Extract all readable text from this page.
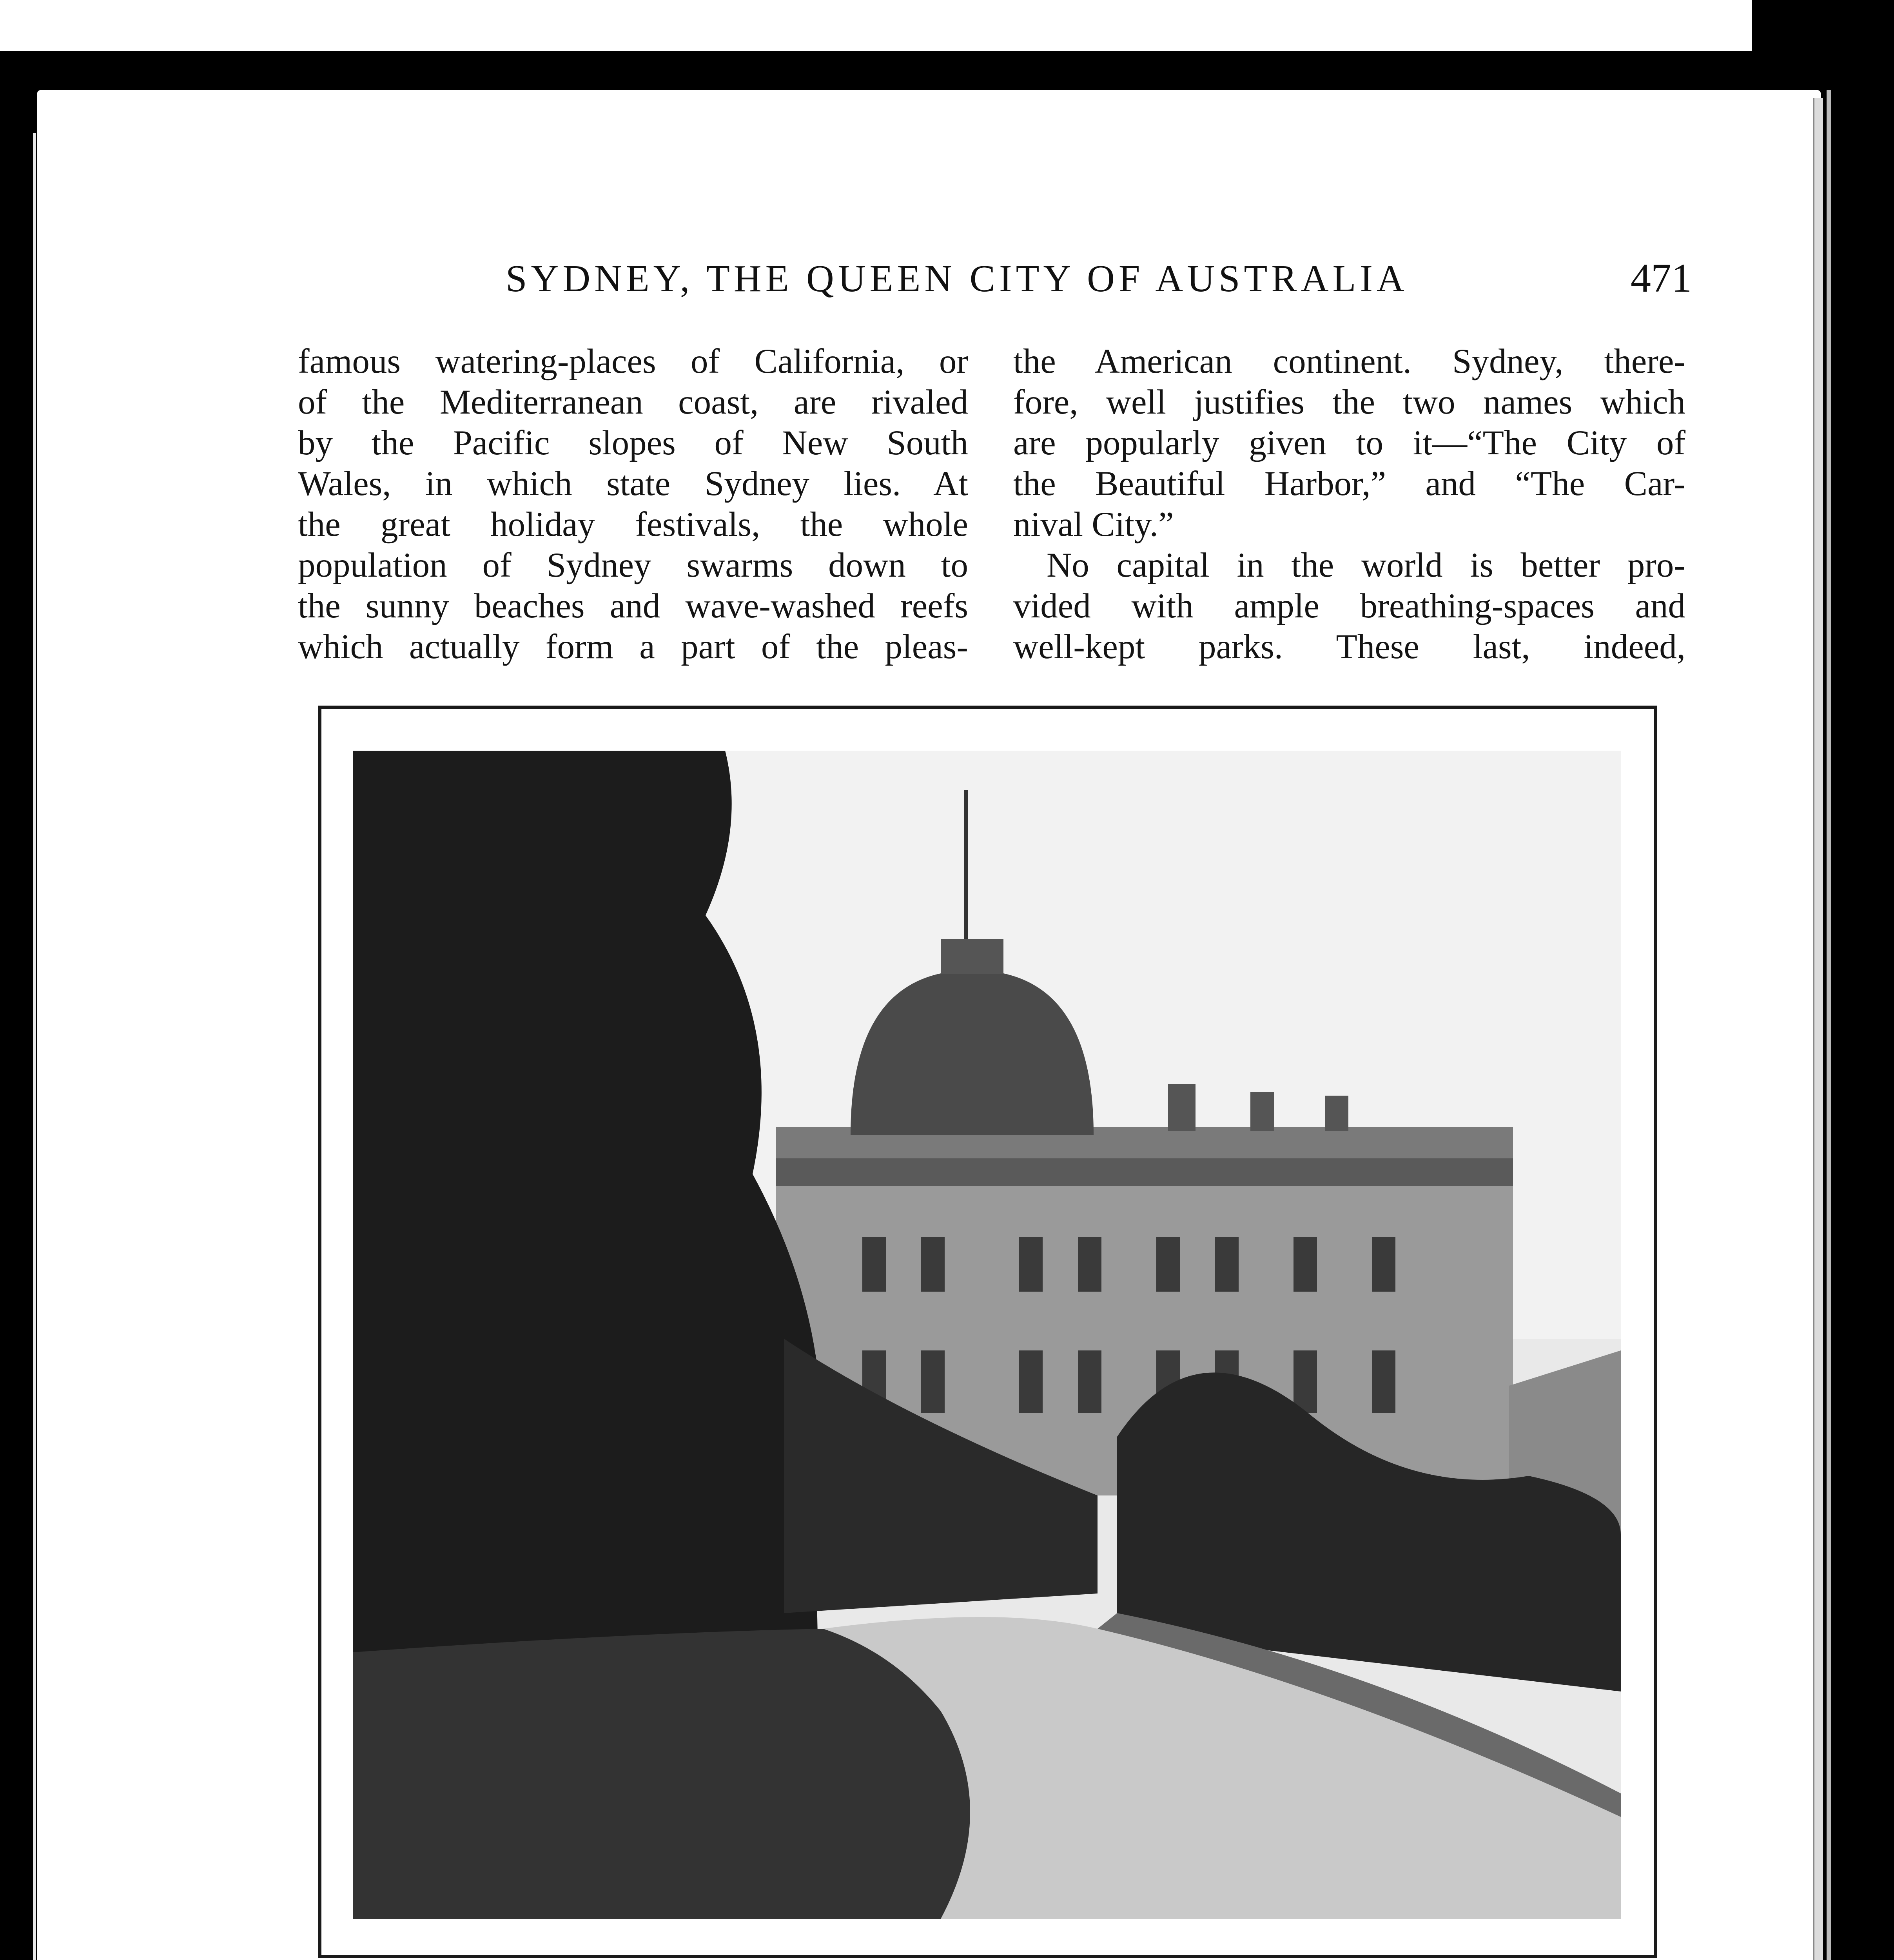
SYDNEY, THE QUEEN CITY OF AUSTRALIA	471
famous watering-places of California, or
of the Mediterranean coast, are rivaled
by the Pacific slopes of New South
Wales, in which state Sydney lies. At
the great holiday festivals, the whole
population of Sydney swarms down to
the sunny beaches and wave-washed reefs
which actually form a part of the pleas-
the American continent. Sydney, there-
fore, well justifies the two names which
are popularly given to it—“The City of
the Beautiful Harbor,” and “The Car-
nival City.”
No capital in the world is better pro-
vided with ample breathing-spaces and
well-kept parks. These last, indeed,
